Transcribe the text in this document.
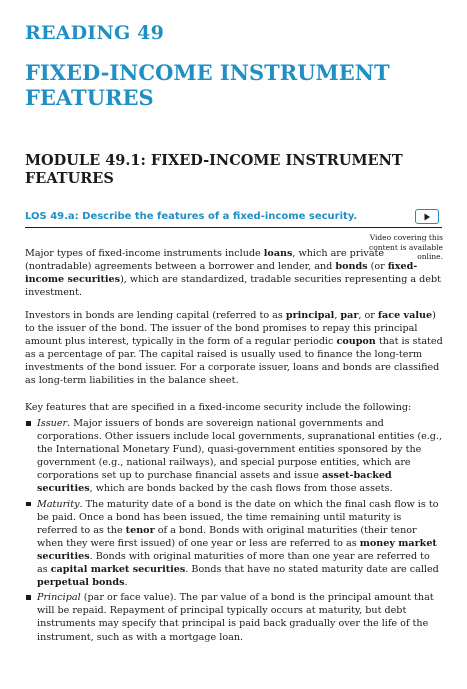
READING 49
FIXED-INCOME INSTRUMENT FEATURES
MODULE 49.1: FIXED-INCOME INSTRUMENT FEATURES
LOS 49.a: Describe the features of a fixed-income security.
Video covering this content is available online.
Major types of fixed-income instruments include loans, which are private (nontradable) agreements between a borrower and lender, and bonds (or fixed-income securities), which are standardized, tradable securities representing a debt investment.
Investors in bonds are lending capital (referred to as principal, par, or face value) to the issuer of the bond. The issuer of the bond promises to repay this principal amount plus interest, typically in the form of a regular periodic coupon that is stated as a percentage of par. The capital raised is usually used to finance the long-term investments of the bond issuer. For a corporate issuer, loans and bonds are classified as long-term liabilities in the balance sheet.
Key features that are specified in a fixed-income security include the following:
Issuer. Major issuers of bonds are sovereign national governments and corporations. Other issuers include local governments, supranational entities (e.g., the International Monetary Fund), quasi-government entities sponsored by the government (e.g., national railways), and special purpose entities, which are corporations set up to purchase financial assets and issue asset-backed securities, which are bonds backed by the cash flows from those assets.
Maturity. The maturity date of a bond is the date on which the final cash flow is to be paid. Once a bond has been issued, the time remaining until maturity is referred to as the tenor of a bond. Bonds with original maturities (their tenor when they were first issued) of one year or less are referred to as money market securities. Bonds with original maturities of more than one year are referred to as capital market securities. Bonds that have no stated maturity date are called perpetual bonds.
Principal (par or face value). The par value of a bond is the principal amount that will be repaid. Repayment of principal typically occurs at maturity, but debt instruments may specify that principal is paid back gradually over the life of the instrument, such as with a mortgage loan.
